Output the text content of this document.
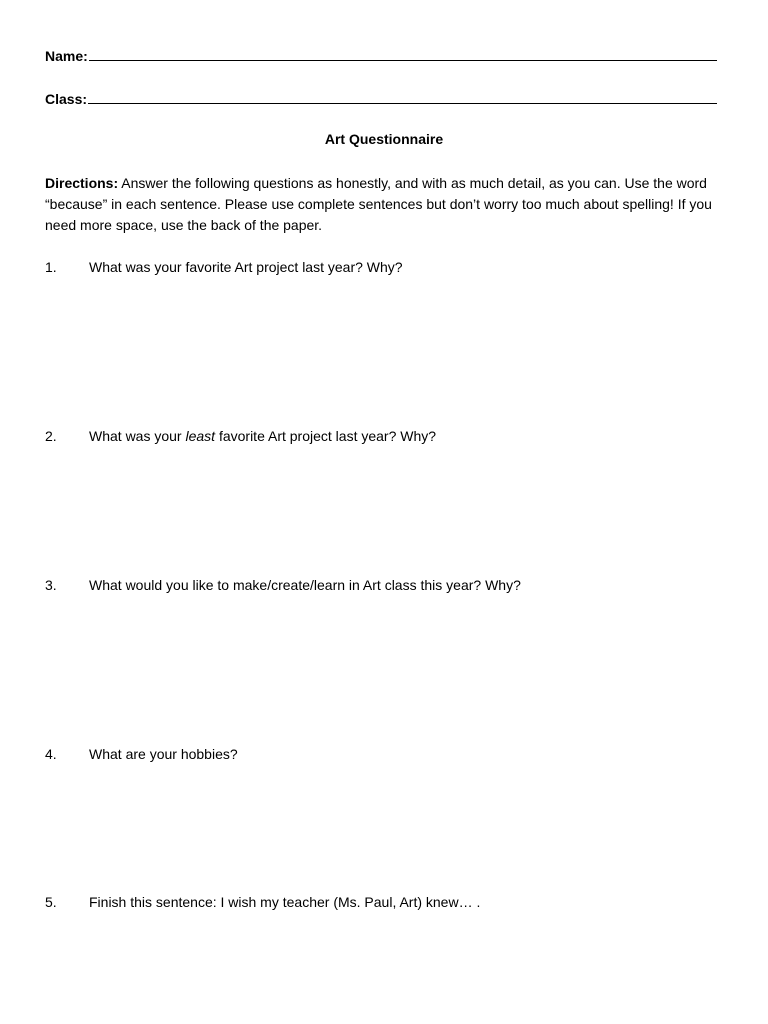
Name:
Class:
Art Questionnaire
Directions: Answer the following questions as honestly, and with as much detail, as you can. Use the word “because” in each sentence. Please use complete sentences but don’t worry too much about spelling! If you need more space, use the back of the paper.
1. What was your favorite Art project last year? Why?
2. What was your least favorite Art project last year? Why?
3. What would you like to make/create/learn in Art class this year? Why?
4. What are your hobbies?
5. Finish this sentence: I wish my teacher (Ms. Paul, Art) knew… .
